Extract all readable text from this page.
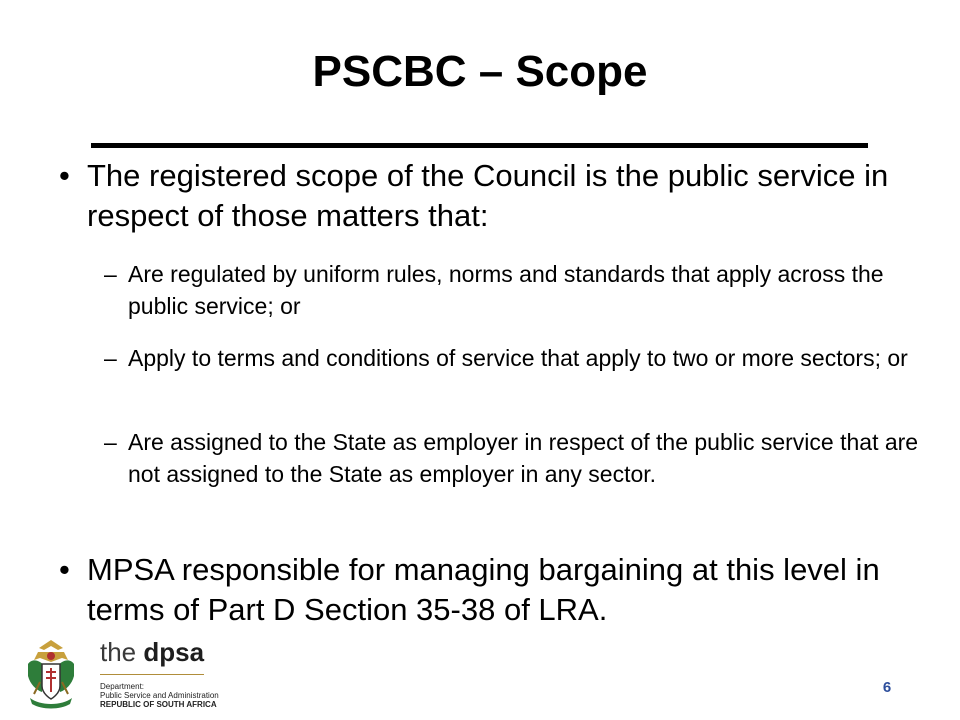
PSCBC – Scope
• The registered scope of the Council is the public service in respect of those matters that:
– Are regulated by uniform rules, norms and standards that apply across the public service; or
– Apply to terms and conditions of service that apply to two or more sectors; or
– Are assigned to the State as employer in respect of the public service that are not assigned to the State as employer in any sector.
• MPSA responsible for managing bargaining at this level in terms of Part D Section 35-38 of LRA.
the dpsa
Department:
Public Service and Administration
REPUBLIC OF SOUTH AFRICA
6
